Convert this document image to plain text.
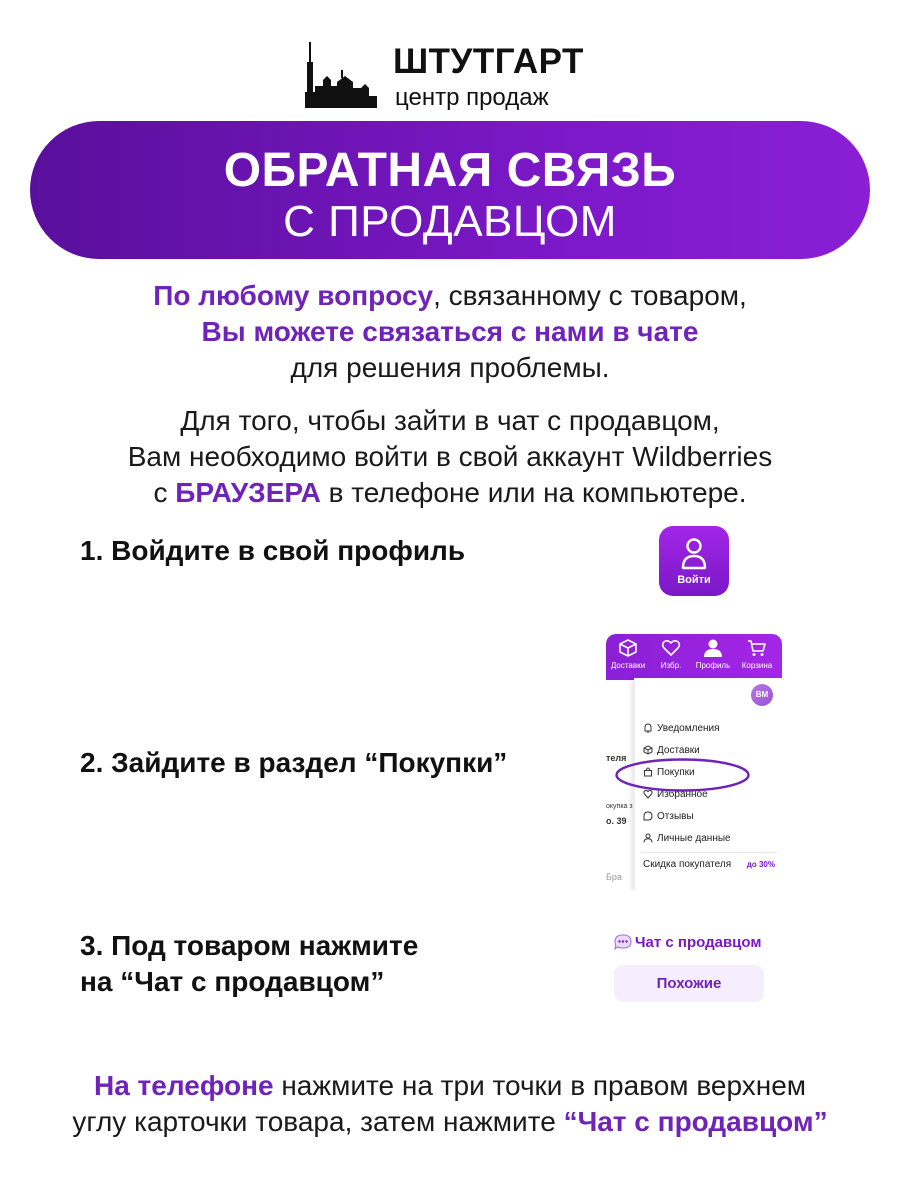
ШТУТГАРТ
центр продаж
ОБРАТНАЯ СВЯЗЬ
С ПРОДАВЦОМ
По любому вопросу, связанному с товаром,
Вы можете связаться с нами в чате
для решения проблемы.
Для того, чтобы зайти в чат с продавцом,
Вам необходимо войти в свой аккаунт Wildberries
с БРАУЗЕРА в телефоне или на компьютере.
1. Войдите в свой профиль
Войти
2. Зайдите в раздел “Покупки”
Доставки	Избр.	Профиль	Корзина
теля
окупка з
о. 39
Бра
ВМ
Уведомления
Доставки
Покупки
Избранное
Отзывы
Личные данные
Скидка покупателя до 30%
3. Под товаром нажмите
на “Чат с продавцом”
Чат с продавцом
Похожие
На телефоне нажмите на три точки в правом верхнем
углу карточки товара, затем нажмите “Чат с продавцом”
